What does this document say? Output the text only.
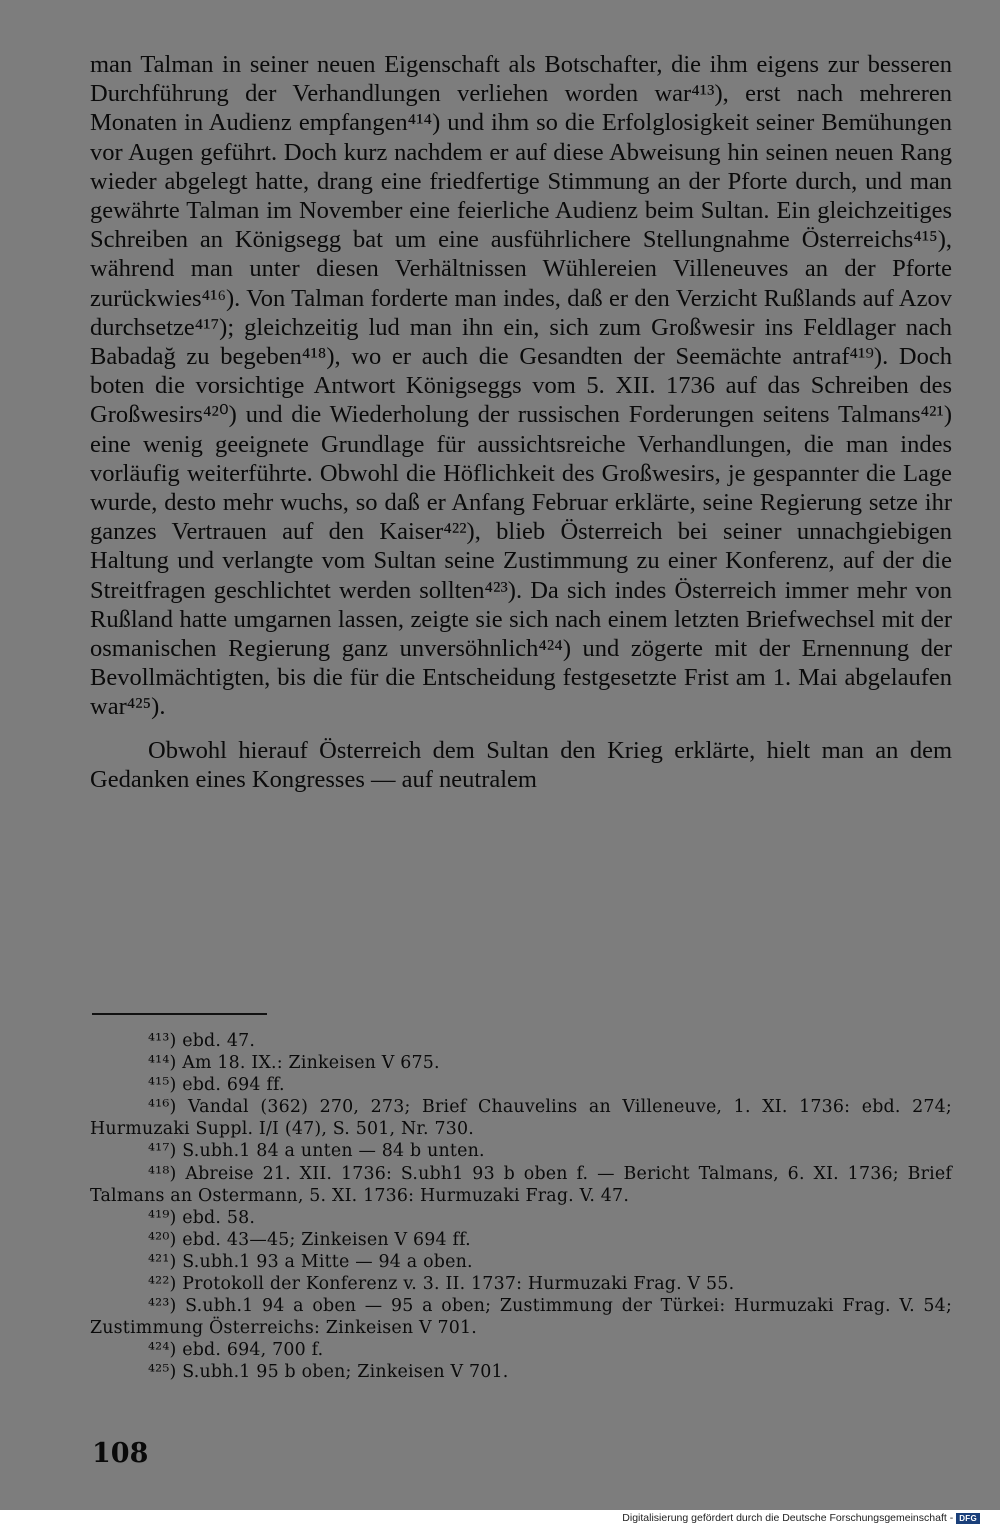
man Talman in seiner neuen Eigenschaft als Botschafter, die ihm eigens zur besseren Durchführung der Verhandlungen verliehen worden war⁴¹³), erst nach mehreren Monaten in Audienz empfangen⁴¹⁴) und ihm so die Erfolglosigkeit seiner Bemühungen vor Augen geführt. Doch kurz nachdem er auf diese Abweisung hin seinen neuen Rang wieder abgelegt hatte, drang eine friedfertige Stimmung an der Pforte durch, und man gewährte Talman im November eine feierliche Audienz beim Sultan. Ein gleichzeitiges Schreiben an Königsegg bat um eine ausführlichere Stellungnahme Österreichs⁴¹⁵), während man unter diesen Verhältnissen Wühlereien Villeneuves an der Pforte zurückwies⁴¹⁶). Von Talman forderte man indes, daß er den Verzicht Rußlands auf Azov durchsetze⁴¹⁷); gleichzeitig lud man ihn ein, sich zum Großwesir ins Feldlager nach Babadağ zu begeben⁴¹⁸), wo er auch die Gesandten der Seemächte antraf⁴¹⁹). Doch boten die vorsichtige Antwort Königseggs vom 5. XII. 1736 auf das Schreiben des Großwesirs⁴²⁰) und die Wiederholung der russischen Forderungen seitens Talmans⁴²¹) eine wenig geeignete Grundlage für aussichtsreiche Verhandlungen, die man indes vorläufig weiterführte. Obwohl die Höflichkeit des Großwesirs, je gespannter die Lage wurde, desto mehr wuchs, so daß er Anfang Februar erklärte, seine Regierung setze ihr ganzes Vertrauen auf den Kaiser⁴²²), blieb Österreich bei seiner unnachgiebigen Haltung und verlangte vom Sultan seine Zustimmung zu einer Konferenz, auf der die Streitfragen geschlichtet werden sollten⁴²³). Da sich indes Österreich immer mehr von Rußland hatte umgarnen lassen, zeigte sie sich nach einem letzten Briefwechsel mit der osmanischen Regierung ganz unversöhnlich⁴²⁴) und zögerte mit der Ernennung der Bevollmächtigten, bis die für die Entscheidung festgesetzte Frist am 1. Mai abgelaufen war⁴²⁵).

Obwohl hierauf Österreich dem Sultan den Krieg erklärte, hielt man an dem Gedanken eines Kongresses — auf neutralem

⁴¹³) ebd. 47.

⁴¹⁴) Am 18. IX.: Zinkeisen V 675.

⁴¹⁵) ebd. 694 ff.

⁴¹⁶) Vandal (362) 270, 273; Brief Chauvelins an Villeneuve, 1. XI. 1736: ebd. 274; Hurmuzaki Suppl. I/I (47), S. 501, Nr. 730.

⁴¹⁷) S.ubh.1 84 a unten — 84 b unten.

⁴¹⁸) Abreise 21. XII. 1736: S.ubh1 93 b oben f. — Bericht Talmans, 6. XI. 1736; Brief Talmans an Ostermann, 5. XI. 1736: Hurmuzaki Frag. V. 47.

⁴¹⁹) ebd. 58.

⁴²⁰) ebd. 43—45; Zinkeisen V 694 ff.

⁴²¹) S.ubh.1 93 a Mitte — 94 a oben.

⁴²²) Protokoll der Konferenz v. 3. II. 1737: Hurmuzaki Frag. V 55.

⁴²³) S.ubh.1 94 a oben — 95 a oben; Zustimmung der Türkei: Hurmuzaki Frag. V. 54; Zustimmung Österreichs: Zinkeisen V 701.

⁴²⁴) ebd. 694, 700 f.

⁴²⁵) S.ubh.1 95 b oben; Zinkeisen V 701.

108
Digitalisierung gefördert durch die Deutsche Forschungsgemeinschaft - DFG
